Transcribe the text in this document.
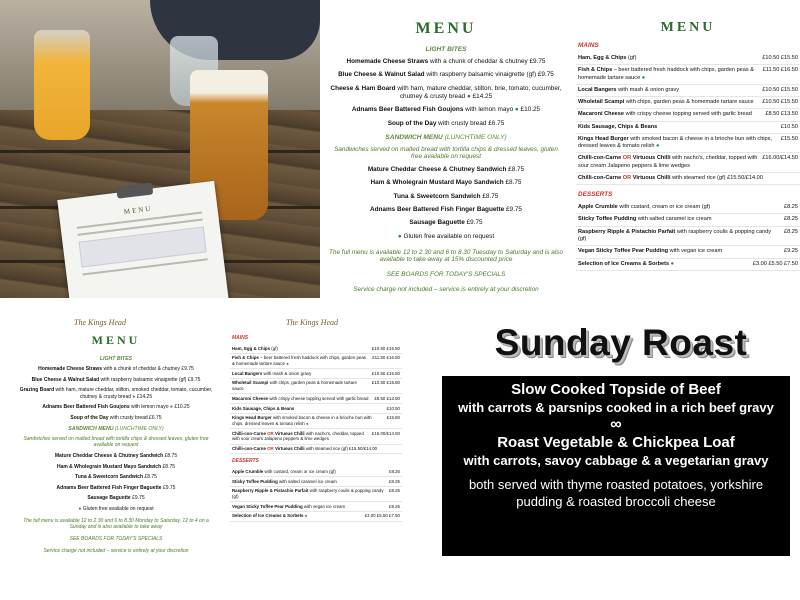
MENU
MENU
LIGHT BITES
Homemade Cheese Straws with a chunk of cheddar & chutney £9.75
Blue Cheese & Walnut Salad with raspberry balsamic vinaigrette (gf) £9.75
Cheese & Ham Board with ham, mature cheddar, stilton, brie, tomato, cucumber, chutney & crusty bread ● £14.25
Adnams Beer Battered Fish Goujons with lemon mayo ● £10.25
Soup of the Day with crusty bread £6.75
SANDWICH MENU (LUNCHTIME ONLY)
Sandwiches served on malted bread with tortilla chips & dressed leaves, gluten free available on request
Mature Cheddar Cheese & Chutney Sandwich £8.75
Ham & Wholegrain Mustard Mayo Sandwich £8.75
Tuna & Sweetcorn Sandwich £8.75
Adnams Beer Battered Fish Finger Baguette £9.75
Sausage Baguette £9.75
● Gluten free available on request
The full menu is available 12 to 2.30 and 6 to 8.30 Tuesday to Saturday and is also available to take away at 15% discounted price
SEE BOARDS FOR TODAY'S SPECIALS
Service charge not included – service is entirely at your discretion
MENU
MAINS
Ham, Egg & Chips (gf)	£10.50 £15.50
Fish & Chips – beer battered fresh haddock with chips, garden peas & homemade tartare sauce ●
£11.50 £16.50
Local Bangers with mash & onion gravy	£10.50 £15.50
Wholetail Scampi with chips, garden peas & homemade tartare sauce	£10.50 £15.50
Macaroni Cheese with crispy cheese topping served with garlic bread	£8.50 £13.50
Kids Sausage, Chips & Beans	£10.50
Kings Head Burger with smoked bacon & cheese in a brioche bun with chips, dressed leaves & tomato relish ●
£15.50
Chilli-con-Carne OR Virtuous Chilli with nacho's, cheddar, topped with sour cream Jalapeno peppers & lime wedges
£16.00/£14.50
Chilli-con-Carne OR Virtuous Chilli with steamed rice (gf) £15.50/£14.00
DESSERTS
Apple Crumble with custard, cream or ice cream (gf)	£8.25
Sticky Toffee Pudding with salted caramel ice cream	£8.25
Raspberry Ripple & Pistachio Parfait with raspberry coulis & popping candy (gf)
£8.25
Vegan Sticky Toffee Pear Pudding with vegan ice cream	£9.25
Selection of Ice Creams & Sorbets ●	£3.00 £5.50 £7.50
The Kings Head
MENU
LIGHT BITES
Homemade Cheese Straws with a chunk of cheddar & chutney £9.75
Blue Cheese & Walnut Salad with raspberry balsamic vinaigrette (gf) £9.75
Grazing Board with ham, mature cheddar, stilton, smoked cheddar, tomato, cucumber, chutney & crusty bread ● £14.25
Adnams Beer Battered Fish Goujons with lemon mayo ● £10.25
Soup of the Day with crusty bread £6.75
SANDWICH MENU (LUNCHTIME ONLY)
Sandwiches served on malted bread with tortilla chips & dressed leaves, gluten free available on request
Mature Cheddar Cheese & Chutney Sandwich £8.75
Ham & Wholegrain Mustard Mayo Sandwich £8.75
Tuna & Sweetcorn Sandwich £8.75
Adnams Beer Battered Fish Finger Baguette £9.75
Sausage Baguette £9.75
● Gluten free available on request
The full menu is available 12 to 2.30 and 6 to 8.30 Monday to Saturday, 12 to 4 on a Sunday and is also available to take away
SEE BOARDS FOR TODAY'S SPECIALS
Service charge not included – service is entirely at your discretion
The Kings Head
MAINS
Ham, Egg & Chips (gf)	£10.50 £15.50
Fish & Chips – beer battered fresh haddock with chips, garden peas & homemade tartare sauce ●
£11.50 £16.50
Local Bangers with mash & onion gravy	£10.50 £15.50
Wholetail Scampi with chips, garden peas & homemade tartare sauce
£10.50 £15.50
Macaroni Cheese with crispy cheese topping served with garlic bread	£8.50 £13.50
Kids Sausage, Chips & Beans	£10.50
Kings Head Burger with smoked bacon & cheese in a brioche bun with chips, dressed leaves & tomato relish ●
£15.50
Chilli-con-Carne OR Virtuous Chilli with nacho's, cheddar, topped with sour cream Jalapeno peppers & lime wedges
£16.00/£14.50
Chilli-con-Carne OR Virtuous Chilli with steamed rice (gf) £15.50/£14.00
DESSERTS
Apple Crumble with custard, cream or ice cream (gf)	£8.25
Sticky Toffee Pudding with salted caramel ice cream	£8.25
Raspberry Ripple & Pistachio Parfait with raspberry coulis & popping candy (gf)
£8.25
Vegan Sticky Toffee Pear Pudding with vegan ice cream	£9.25
Selection of Ice Creams & Sorbets ●	£3.00 £5.50 £7.50
Sunday Roast
Slow Cooked Topside of Beef
with carrots & parsnips cooked in a rich beef gravy
∞
Roast Vegetable & Chickpea Loaf
with carrots, savoy cabbage & a vegetarian gravy
both served with thyme roasted potatoes, yorkshire pudding & roasted broccoli cheese
